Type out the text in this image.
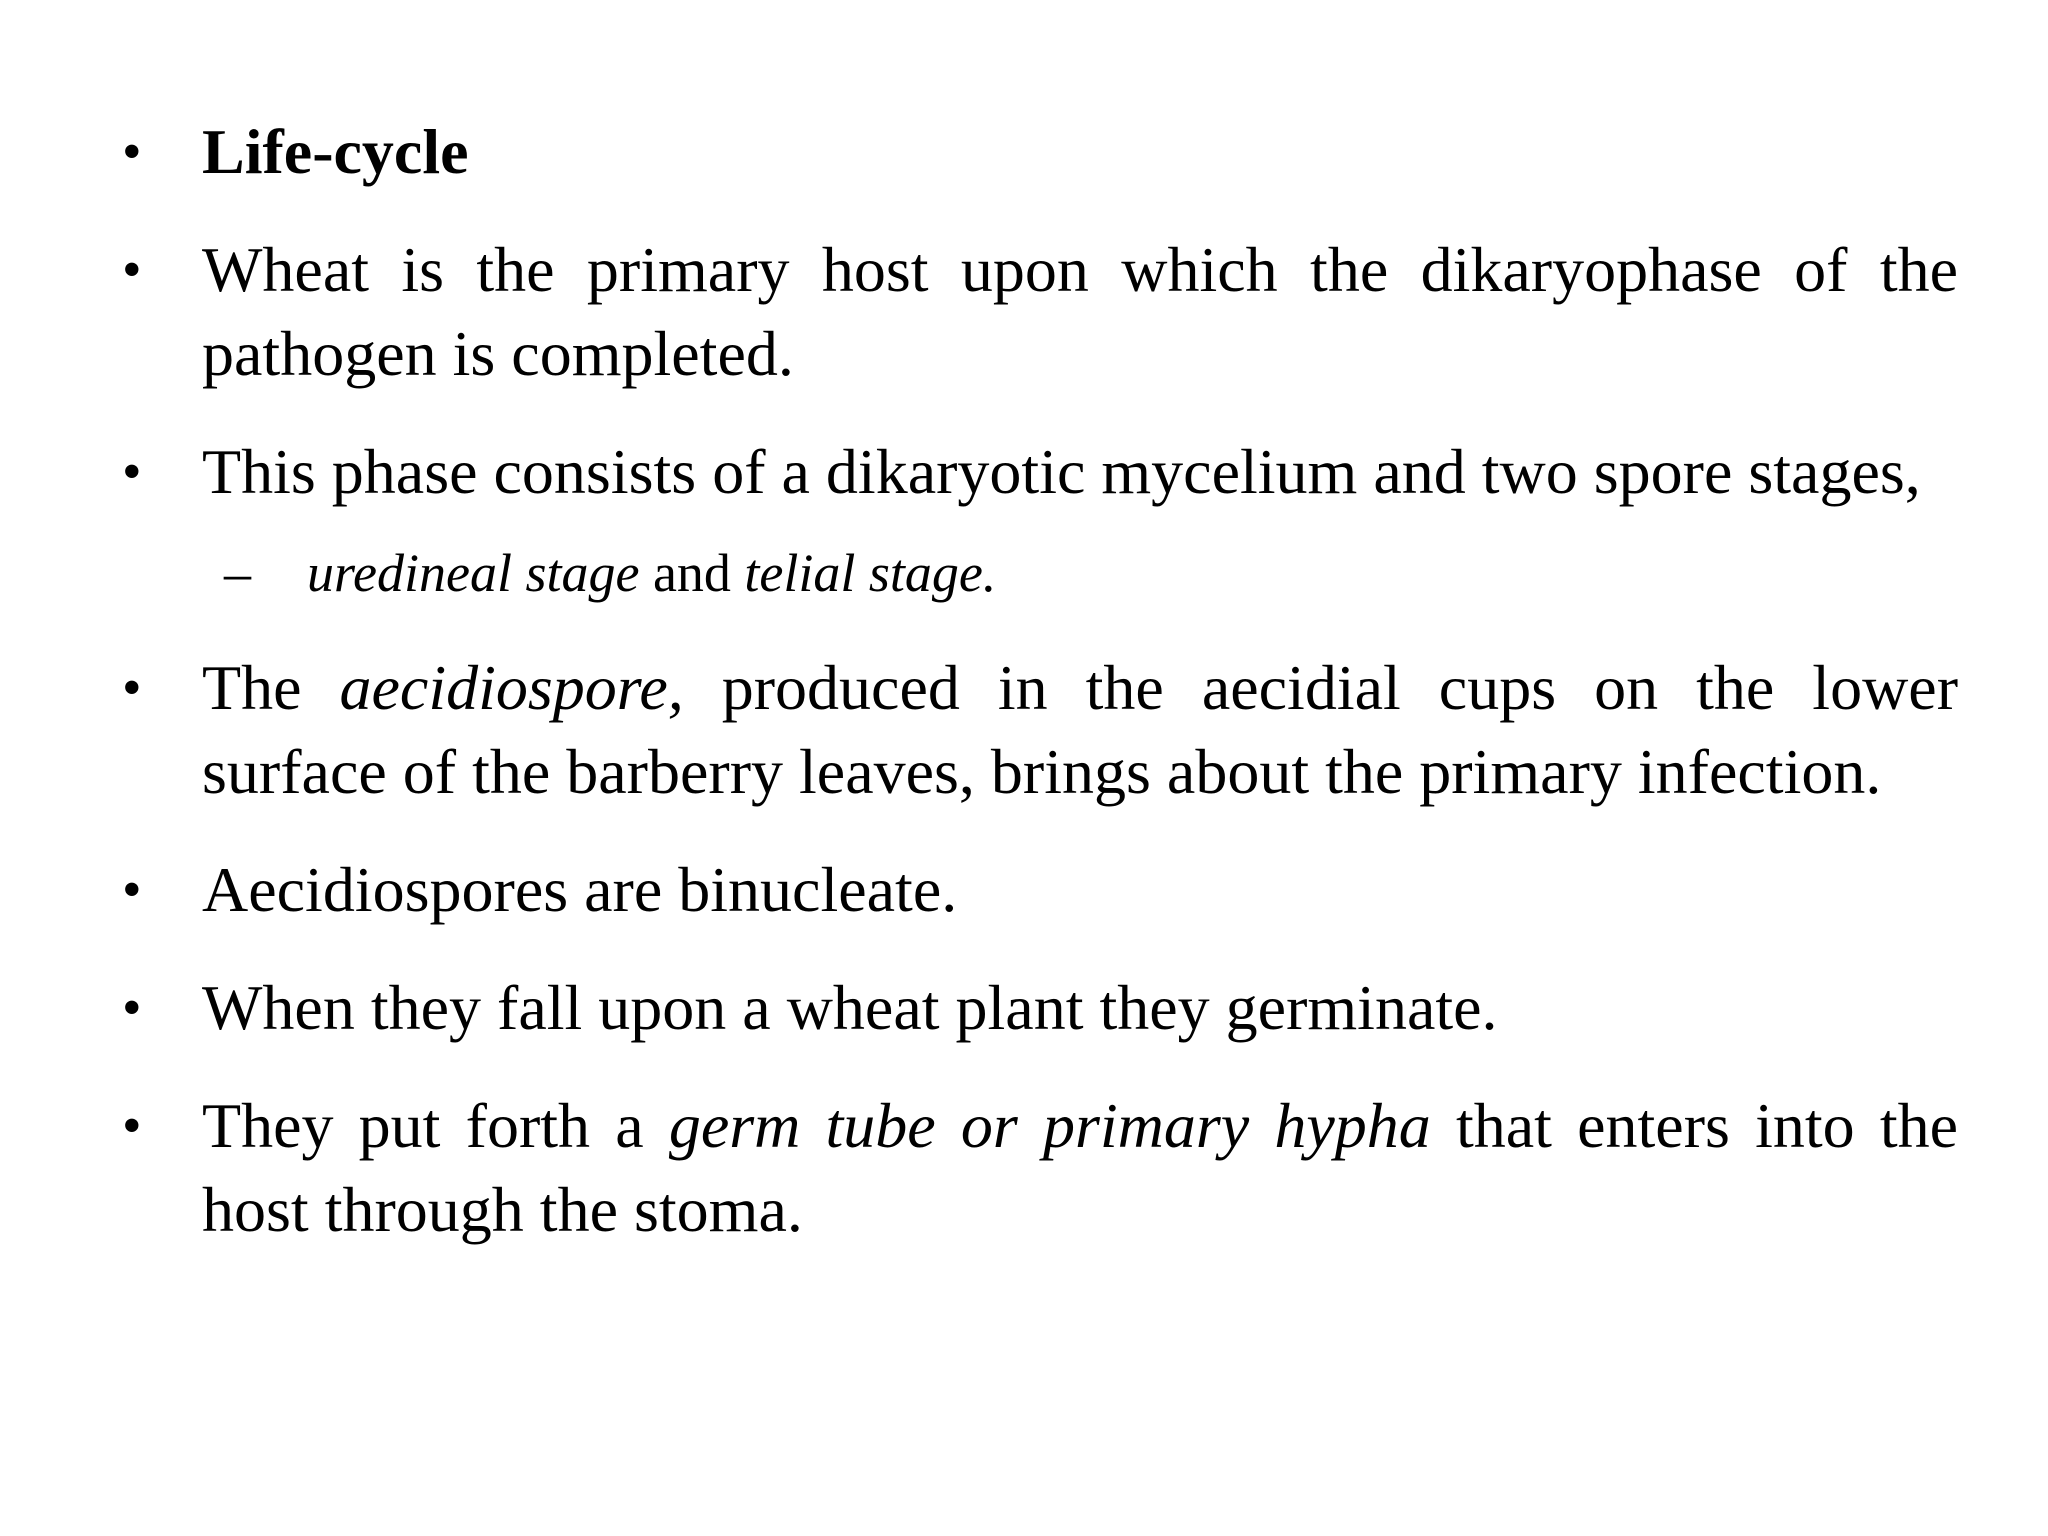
• Life-cycle
• Wheat is the primary host upon which the dikaryophase of the pathogen is completed.
• This phase consists of a dikaryotic mycelium and two spore stages,
– uredineal stage and telial stage.
• The aecidiospore, produced in the aecidial cups on the lower surface of the barberry leaves, brings about the primary infection.
• Aecidiospores are binucleate.
• When they fall upon a wheat plant they germinate.
• They put forth a germ tube or primary hypha that enters into the host through the stoma.
